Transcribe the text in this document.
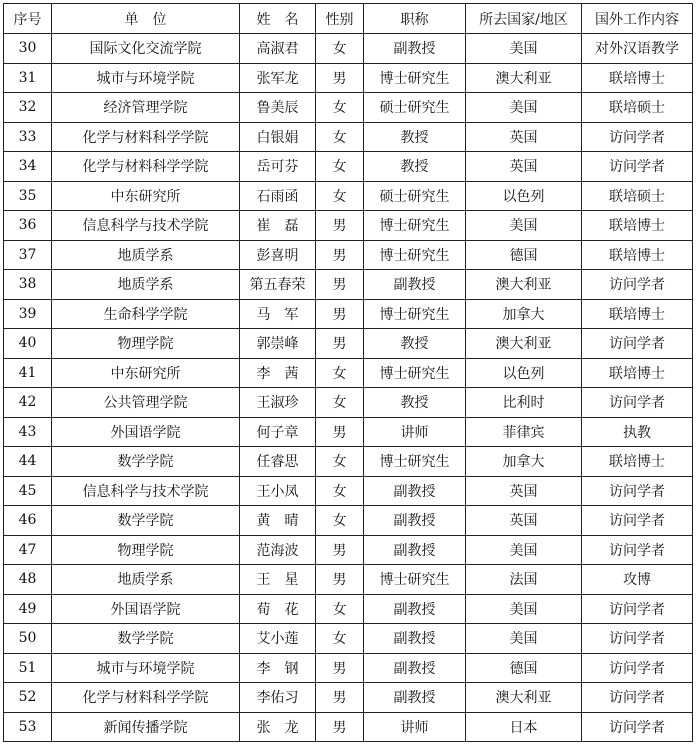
序号	单　位	姓　名	性别	职称	所去国家/地区	国外工作内容
30	国际文化交流学院	高淑君	女	副教授	美国	对外汉语教学
31	城市与环境学院	张军龙	男	博士研究生	澳大利亚	联培博士
32	经济管理学院	鲁美辰	女	硕士研究生	美国	联培硕士
33	化学与材料科学学院	白银娟	女	教授	英国	访问学者
34	化学与材料科学学院	岳可芬	女	教授	英国	访问学者
35	中东研究所	石雨函	女	硕士研究生	以色列	联培硕士
36	信息科学与技术学院	崔　磊	男	博士研究生	美国	联培博士
37	地质学系	彭喜明	男	博士研究生	德国	联培博士
38	地质学系	第五春荣	男	副教授	澳大利亚	访问学者
39	生命科学学院	马　军	男	博士研究生	加拿大	联培博士
40	物理学院	郭崇峰	男	教授	澳大利亚	访问学者
41	中东研究所	李　茜	女	博士研究生	以色列	联培博士
42	公共管理学院	王淑珍	女	教授	比利时	访问学者
43	外国语学院	何子章	男	讲师	菲律宾	执教
44	数学学院	任睿思	女	博士研究生	加拿大	联培博士
45	信息科学与技术学院	王小凤	女	副教授	英国	访问学者
46	数学学院	黄　晴	女	副教授	英国	访问学者
47	物理学院	范海波	男	副教授	美国	访问学者
48	地质学系	王　星	男	博士研究生	法国	攻博
49	外国语学院	荀　花	女	副教授	美国	访问学者
50	数学学院	艾小莲	女	副教授	美国	访问学者
51	城市与环境学院	李　钢	男	副教授	德国	访问学者
52	化学与材料科学学院	李佑习	男	副教授	澳大利亚	访问学者
53	新闻传播学院	张　龙	男	讲师	日本	访问学者
